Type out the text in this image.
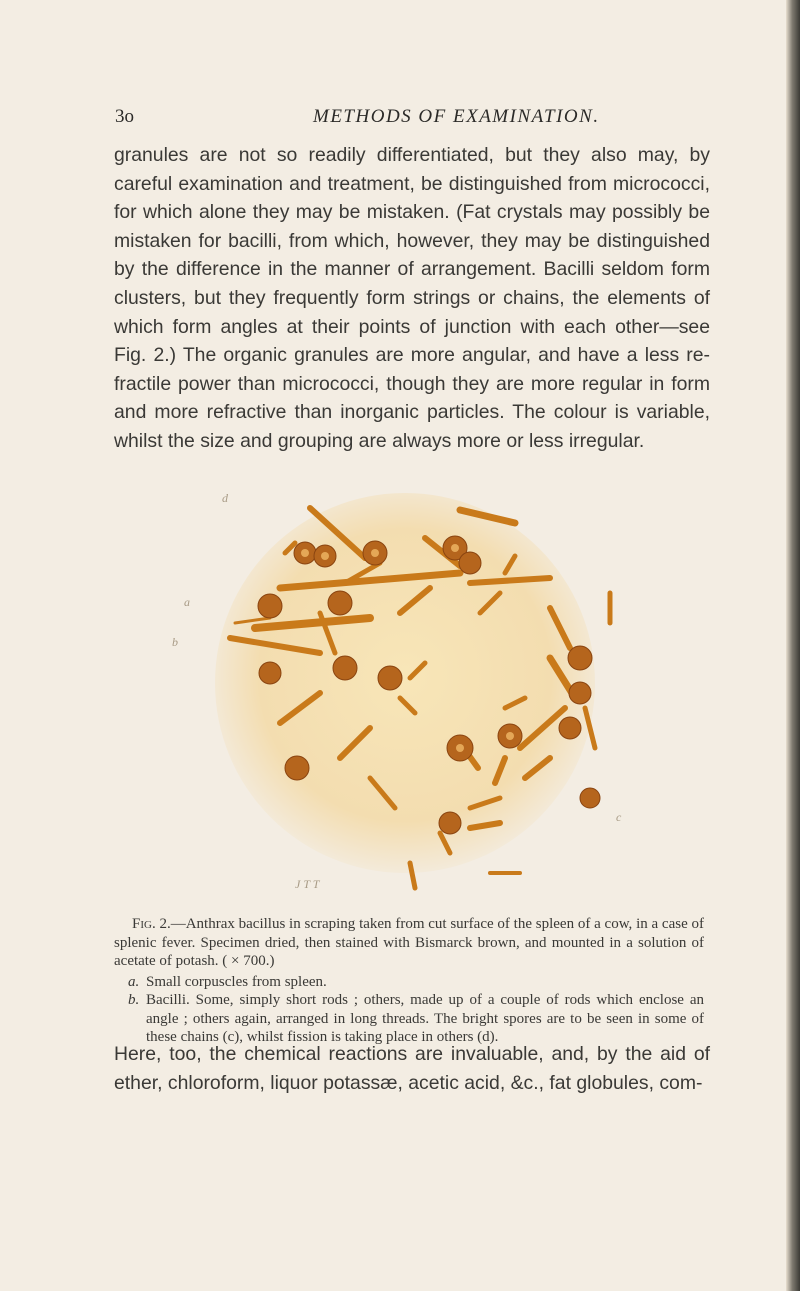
3o	METHODS OF EXAMINATION.

granules are not so readily differentiated, but they also may, by careful examination and treatment, be distinguished from micrococci, for which alone they may be mistaken. (Fat crystals may possibly be mistaken for bacilli, from which, however, they may be distinguished by the difference in the manner of arrangement. Bacilli seldom form clusters, but they frequently form strings or chains, the elements of which form angles at their points of junction with each other—see Fig. 2.) The organic granules are more angular, and have a less re-fractile power than micrococci, though they are more regular in form and more refractive than inorganic particles. The colour is variable, whilst the size and grouping are always more or less irregular.

d
a
b
c
J T T

Fig. 2.—Anthrax bacillus in scraping taken from cut surface of the spleen of a cow, in a case of splenic fever. Specimen dried, then stained with Bismarck brown, and mounted in a solution of acetate of potash. ( × 700.)

a. Small corpuscles from spleen.
b. Bacilli. Some, simply short rods ; others, made up of a couple of rods which enclose an angle ; others again, arranged in long threads. The bright spores are to be seen in some of these chains (c), whilst fission is taking place in others (d).

Here, too, the chemical reactions are invaluable, and, by the aid of ether, chloroform, liquor potassæ, acetic acid, &c., fat globules, com-
